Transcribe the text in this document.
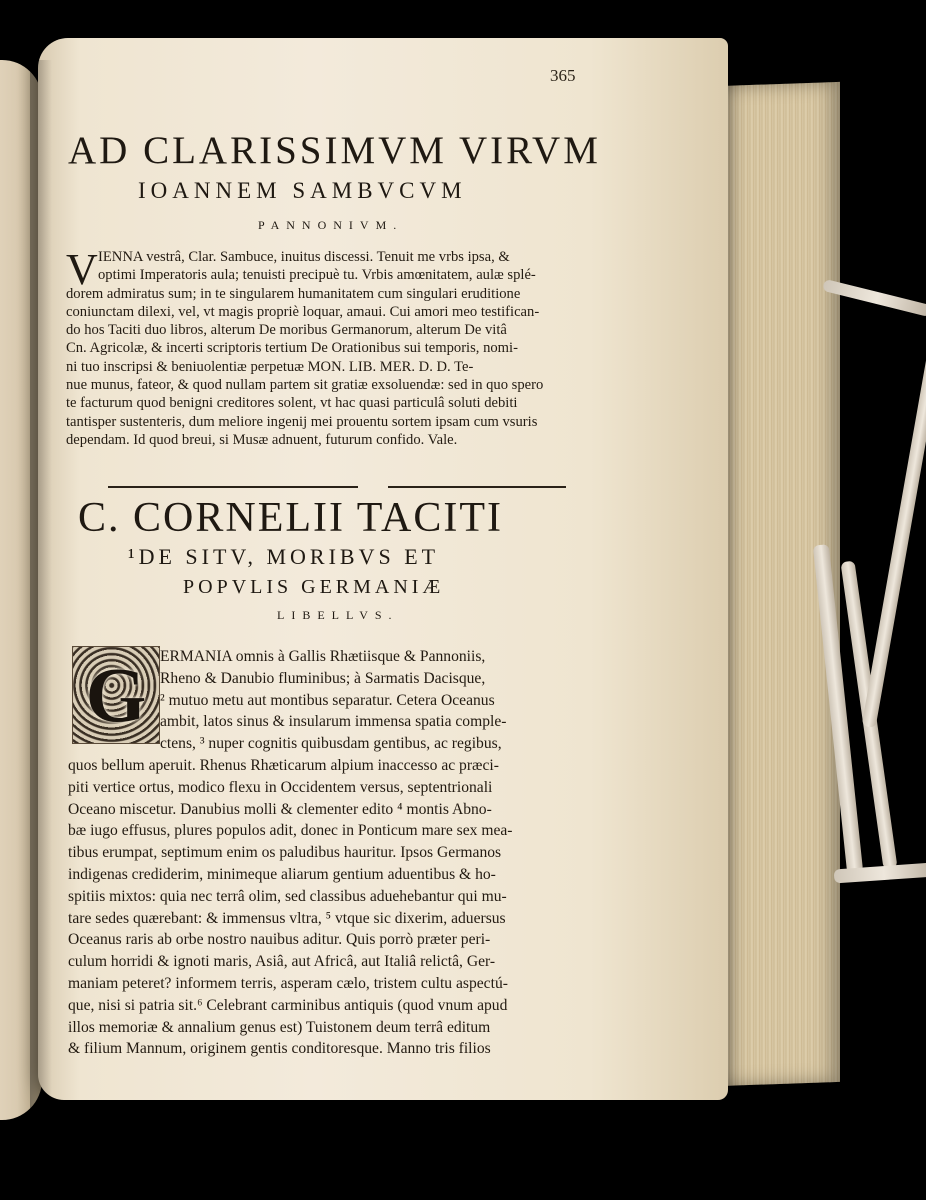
365
AD CLARISSIMVM VIRVM
IOANNEM SAMBVCVM
PANNONIVM.
V IENNA vestrâ, Clar. Sambuce, inuitus discessi. Tenuit me vrbs ipsa, &
optimi Imperatoris aula; tenuisti precipuè tu. Vrbis amœnitatem, aulæ splé-
dorem admiratus sum; in te singularem humanitatem cum singulari eruditione
coniunctam dilexi, vel, vt magis propriè loquar, amaui. Cui amori meo testifican-
do hos Taciti duo libros, alterum De moribus Germanorum, alterum De vitâ
Cn. Agricolæ, & incerti scriptoris tertium De Orationibus sui temporis, nomi-
ni tuo inscripsi & beniuolentiæ perpetuæ MON. LIB. MER. D. D. Te-
nue munus, fateor, & quod nullam partem sit gratiæ exsoluendæ: sed in quo spero
te facturum quod benigni creditores solent, vt hac quasi particulâ soluti debiti
tantisper sustenteris, dum meliore ingenij mei prouentu sortem ipsam cum vsuris
dependam. Id quod breui, si Musæ adnuent, futurum confido. Vale.
C. CORNELII TACITI
¹DE SITV, MORIBVS ET
POPVLIS GERMANIÆ
LIBELLVS.
G ERMANIA omnis à Gallis Rhætiisque & Pannoniis,
Rheno & Danubio fluminibus; à Sarmatis Dacisque,
² mutuo metu aut montibus separatur. Cetera Oceanus
ambit, latos sinus & insularum immensa spatia comple-
ctens, ³ nuper cognitis quibusdam gentibus, ac regibus,
quos bellum aperuit. Rhenus Rhæticarum alpium inaccesso ac præci-
piti vertice ortus, modico flexu in Occidentem versus, septentrionali
Oceano miscetur. Danubius molli & clementer edito ⁴ montis Abno-
bæ iugo effusus, plures populos adit, donec in Ponticum mare sex mea-
tibus erumpat, septimum enim os paludibus hauritur. Ipsos Germanos
indigenas crediderim, minimeque aliarum gentium aduentibus & ho-
spitiis mixtos: quia nec terrâ olim, sed classibus aduehebantur qui mu-
tare sedes quærebant: & immensus vltra, ⁵ vtque sic dixerim, aduersus
Oceanus raris ab orbe nostro nauibus aditur. Quis porrò præter peri-
culum horridi & ignoti maris, Asiâ, aut Africâ, aut Italiâ relictâ, Ger-
maniam peteret? informem terris, asperam cælo, tristem cultu aspectú-
que, nisi si patria sit.⁶ Celebrant carminibus antiquis (quod vnum apud
illos memoriæ & annalium genus est) Tuistonem deum terrâ editum
& filium Mannum, originem gentis conditoresque. Manno tris filios
